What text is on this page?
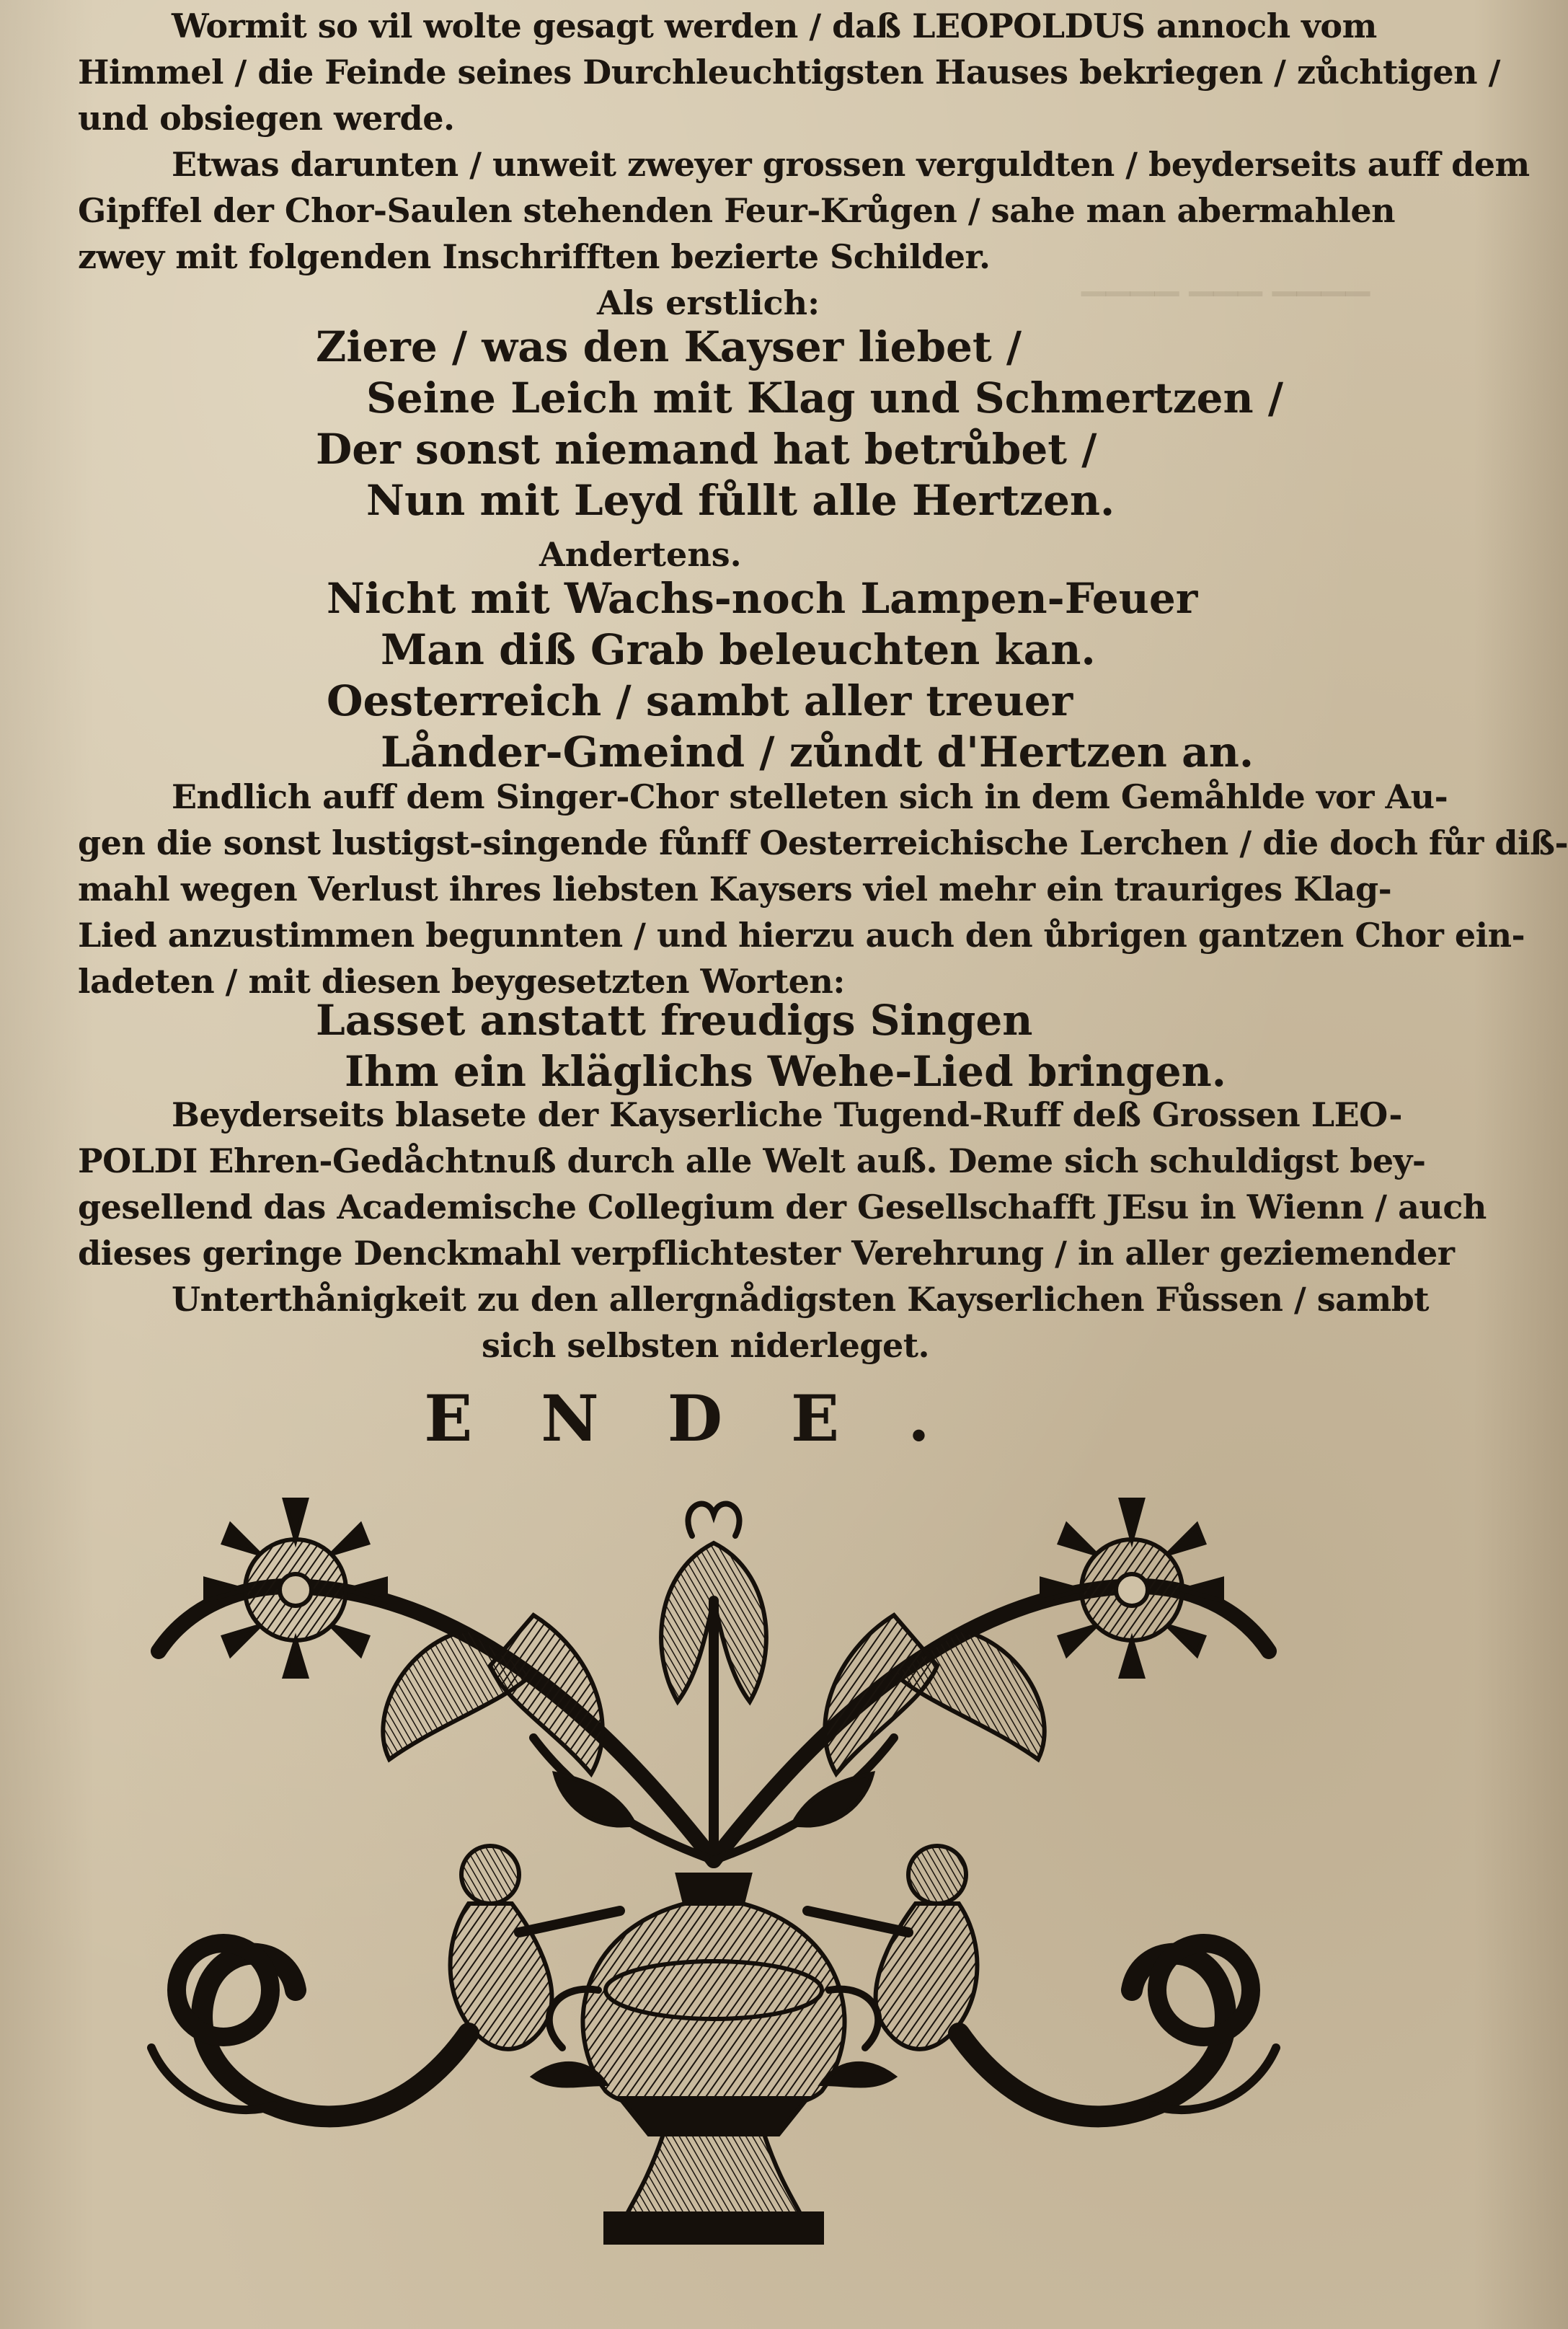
▁▁▁▁ ▁▁▁ ▁▁▁▁

Wormit so vil wolte gesagt werden / daß LEOPOLDUS annoch vom
Himmel / die Feinde seines Durchleuchtigsten Hauses bekriegen / zůchtigen /
und obsiegen werde.

Etwas darunten / unweit zweyer grossen verguldten / beyderseits auff dem
Gipffel der Chor-Saulen stehenden Feur-Krůgen / sahe man abermahlen
zwey mit folgenden Inschrifften bezierte Schilder.

Als erstlich:

Ziere / was den Kayser liebet /

Seine Leich mit Klag und Schmertzen /

Der sonst niemand hat betrůbet /

Nun mit Leyd fůllt alle Hertzen.

Andertens.

Nicht mit Wachs-noch Lampen-Feuer

Man diß Grab beleuchten kan.

Oesterreich / sambt aller treuer

Lånder-Gmeind / zůndt d'Hertzen an.

Endlich auff dem Singer-Chor stelleten sich in dem Gemåhlde vor Au-
gen die sonst lustigst-singende fůnff Oesterreichische Lerchen / die doch fůr diß-
mahl wegen Verlust ihres liebsten Kaysers viel mehr ein trauriges Klag-
Lied anzustimmen begunnten / und hierzu auch den ůbrigen gantzen Chor ein-
ladeten / mit diesen beygesetzten Worten:

Lasset anstatt freudigs Singen

Ihm ein kläglichs Wehe-Lied bringen.

Beyderseits blasete der Kayserliche Tugend-Ruff deß Grossen LEO-
POLDI Ehren-Gedåchtnuß durch alle Welt auß. Deme sich schuldigst bey-
gesellend das Academische Collegium der Gesellschafft JEsu in Wienn / auch
dieses geringe Denckmahl verpflichtester Verehrung / in aller geziemender
Unterthånigkeit zu den allergnådigsten Kayserlichen Fůssen / sambt
sich selbsten niderleget.

ENDE.
